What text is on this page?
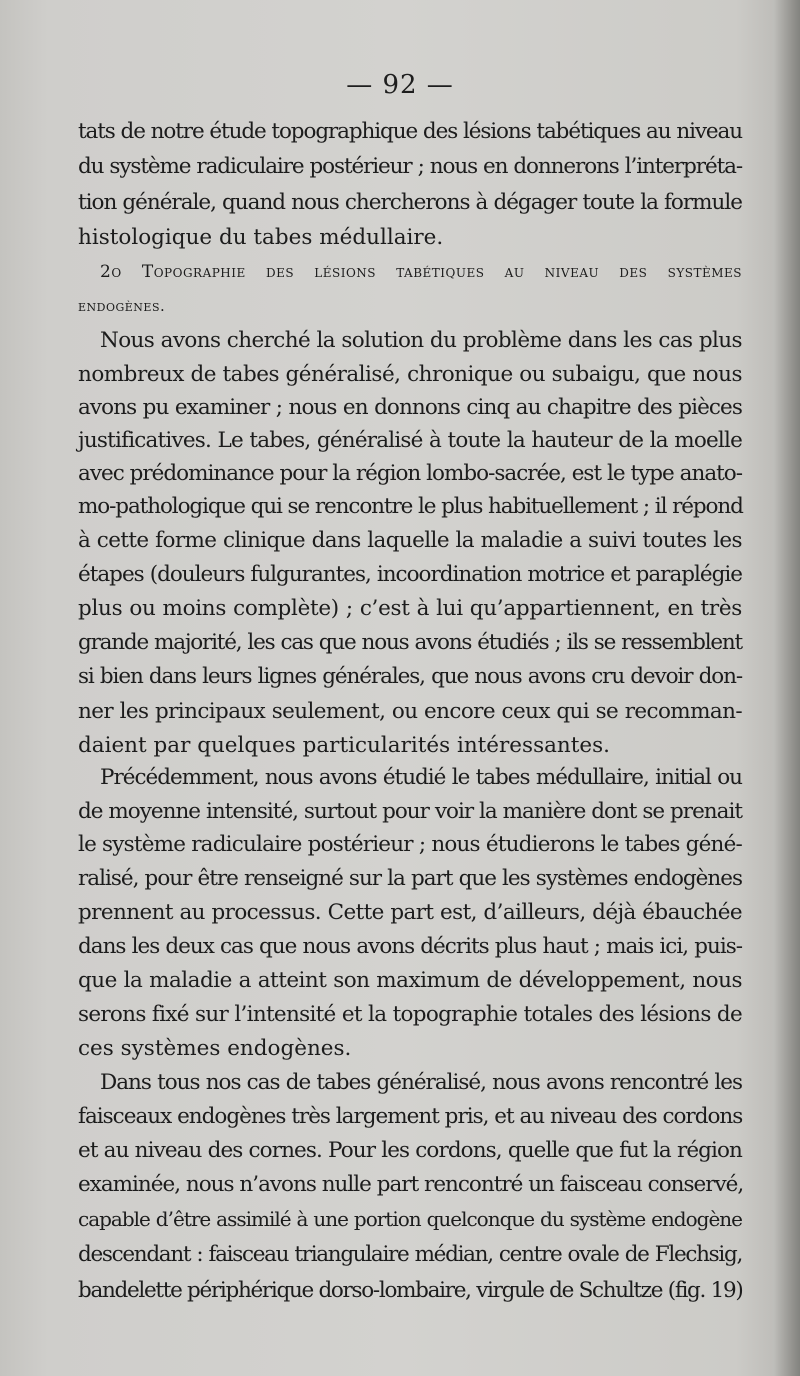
— 92 —
tats de notre étude topographique des lésions tabétiques au niveau
du système radiculaire postérieur ; nous en donnerons l’interpréta-
tion générale, quand nous chercherons à dégager toute la formule
histologique du tabes médullaire.
2o Topographie des lésions tabétiques au niveau des systèmes
endogènes.
Nous avons cherché la solution du problème dans les cas plus
nombreux de tabes généralisé, chronique ou subaigu, que nous
avons pu examiner ; nous en donnons cinq au chapitre des pièces
justificatives. Le tabes, généralisé à toute la hauteur de la moelle
avec prédominance pour la région lombo-sacrée, est le type anato-
mo-pathologique qui se rencontre le plus habituellement ; il répond
à cette forme clinique dans laquelle la maladie a suivi toutes les
étapes (douleurs fulgurantes, incoordination motrice et paraplégie
plus ou moins complète) ; c’est à lui qu’appartiennent, en très
grande majorité, les cas que nous avons étudiés ; ils se ressemblent
si bien dans leurs lignes générales, que nous avons cru devoir don-
ner les principaux seulement, ou encore ceux qui se recomman-
daient par quelques particularités intéressantes.
Précédemment, nous avons étudié le tabes médullaire, initial ou
de moyenne intensité, surtout pour voir la manière dont se prenait
le système radiculaire postérieur ; nous étudierons le tabes géné-
ralisé, pour être renseigné sur la part que les systèmes endogènes
prennent au processus. Cette part est, d’ailleurs, déjà ébauchée
dans les deux cas que nous avons décrits plus haut ; mais ici, puis-
que la maladie a atteint son maximum de développement, nous
serons fixé sur l’intensité et la topographie totales des lésions de
ces systèmes endogènes.
Dans tous nos cas de tabes généralisé, nous avons rencontré les
faisceaux endogènes très largement pris, et au niveau des cordons
et au niveau des cornes. Pour les cordons, quelle que fut la région
examinée, nous n’avons nulle part rencontré un faisceau conservé,
capable d’être assimilé à une portion quelconque du système endogène
descendant : faisceau triangulaire médian, centre ovale de Flechsig,
bandelette périphérique dorso-lombaire, virgule de Schultze (fig. 19)
